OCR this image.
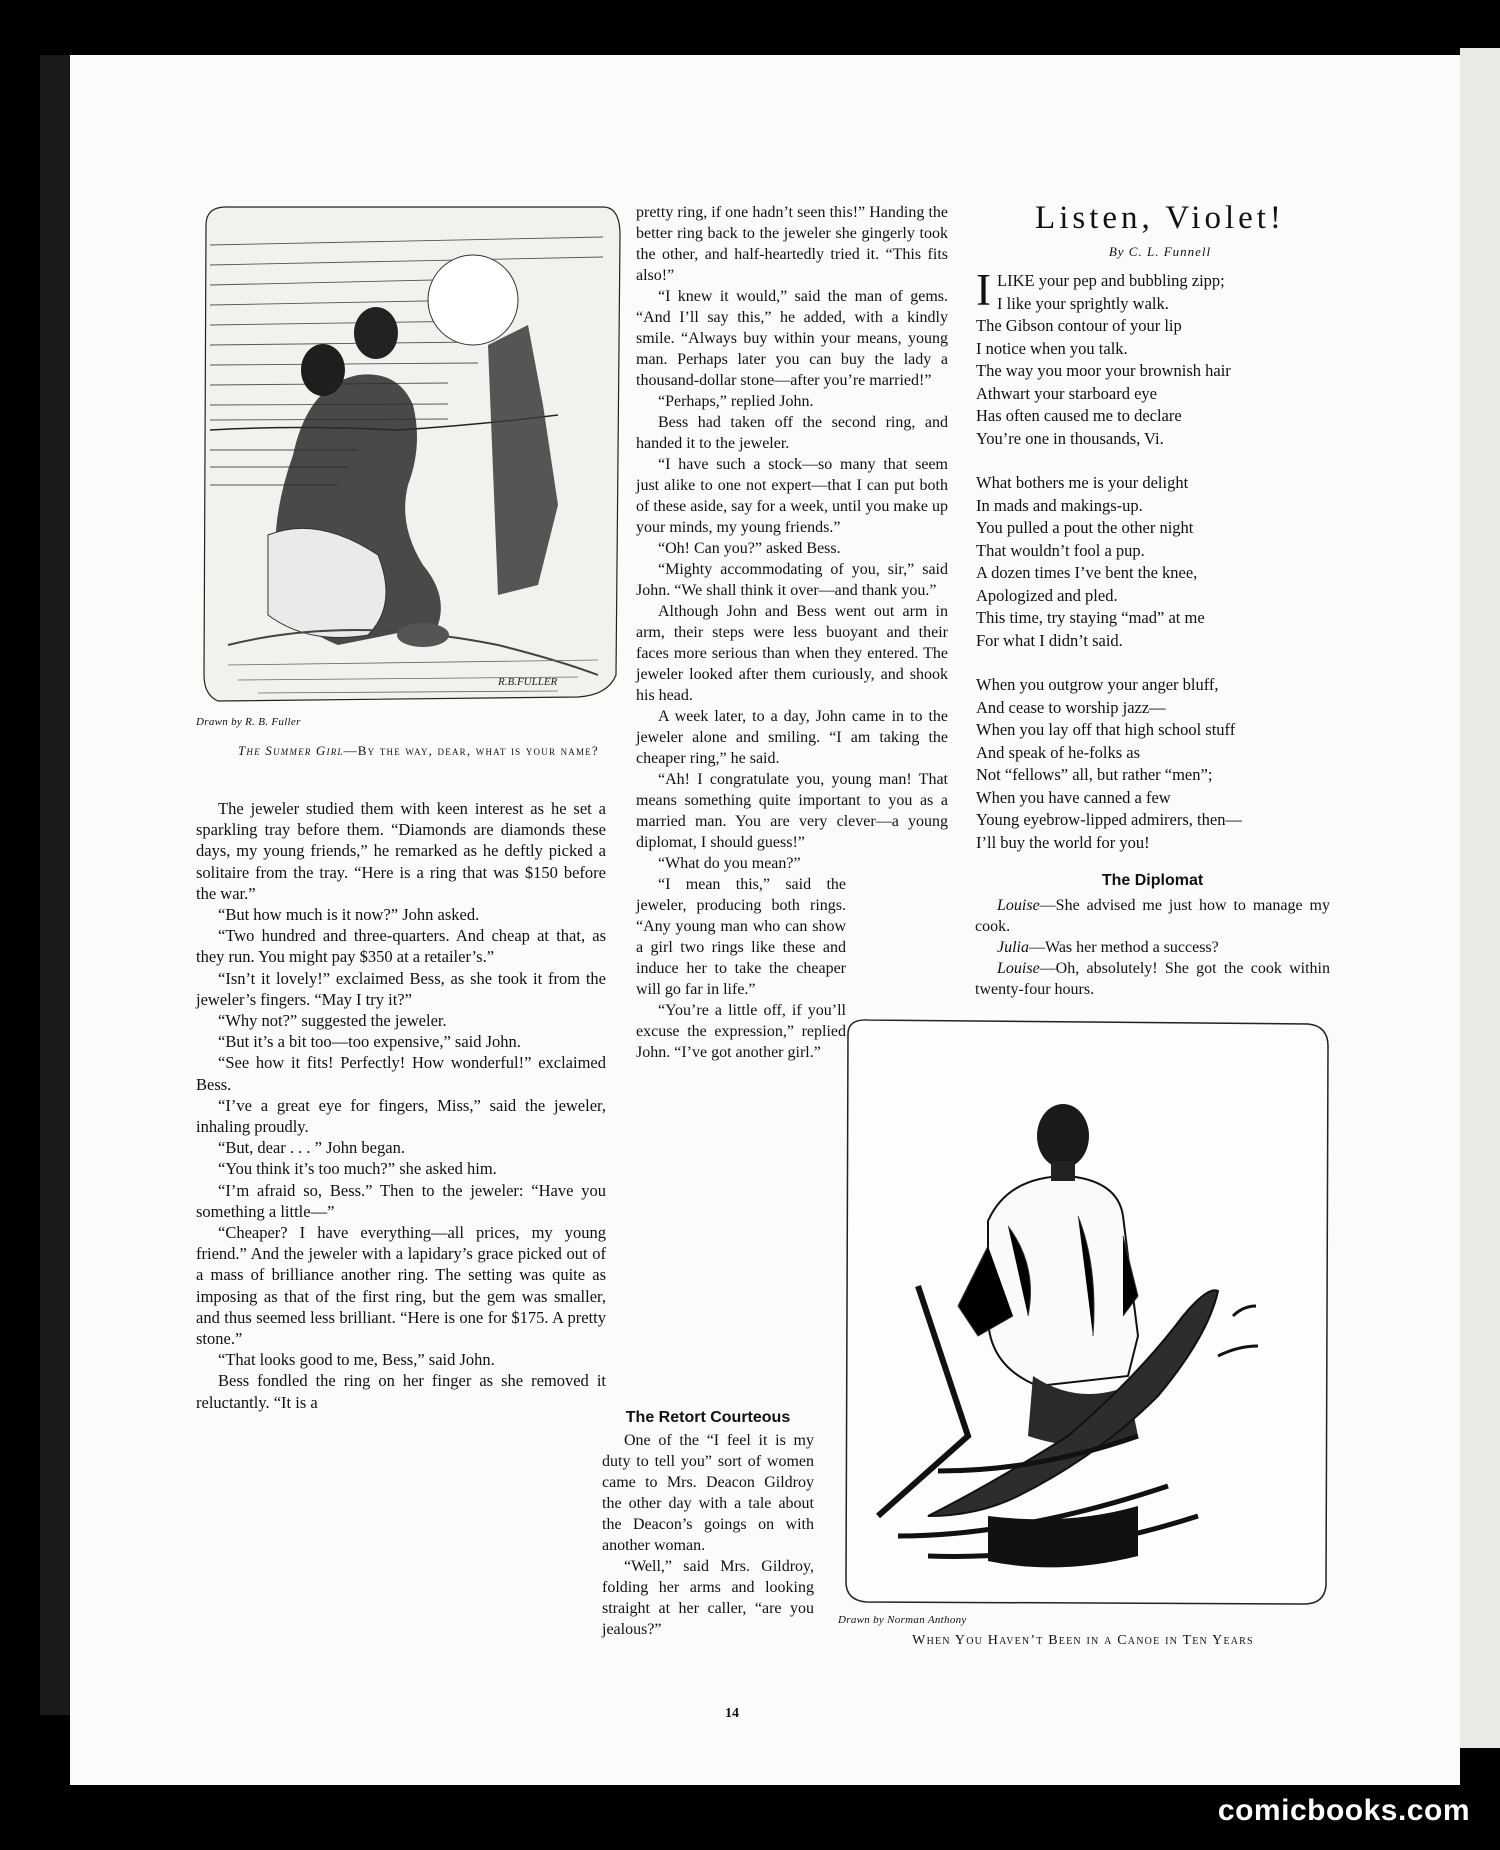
R.B.FULLER
Drawn by R. B. Fuller
The Summer Girl—By the way, dear, what is your name?

The jeweler studied them with keen interest as he set a sparkling tray before them. “Diamonds are diamonds these days, my young friends,” he remarked as he deftly picked a solitaire from the tray. “Here is a ring that was $150 before the war.”

“But how much is it now?” John asked.

“Two hundred and three-quarters. And cheap at that, as they run. You might pay $350 at a retailer’s.”

“Isn’t it lovely!” exclaimed Bess, as she took it from the jeweler’s fingers. “May I try it?”

“Why not?” suggested the jeweler.

“But it’s a bit too—too expensive,” said John.

“See how it fits! Perfectly! How wonderful!” exclaimed Bess.

“I’ve a great eye for fingers, Miss,” said the jeweler, inhaling proudly.

“But, dear . . . ” John began.

“You think it’s too much?” she asked him.

“I’m afraid so, Bess.” Then to the jeweler: “Have you something a little—”

“Cheaper? I have everything—all prices, my young friend.” And the jeweler with a lapidary’s grace picked out of a mass of brilliance another ring. The setting was quite as imposing as that of the first ring, but the gem was smaller, and thus seemed less brilliant. “Here is one for $175. A pretty stone.”

“That looks good to me, Bess,” said John.

Bess fondled the ring on her finger as she removed it reluctantly. “It is a

pretty ring, if one hadn’t seen this!” Handing the better ring back to the jeweler she gingerly took the other, and half-heartedly tried it. “This fits also!”

“I knew it would,” said the man of gems. “And I’ll say this,” he added, with a kindly smile. “Always buy within your means, young man. Perhaps later you can buy the lady a thousand-dollar stone—after you’re married!”

“Perhaps,” replied John.

Bess had taken off the second ring, and handed it to the jeweler.

“I have such a stock—so many that seem just alike to one not expert—that I can put both of these aside, say for a week, until you make up your minds, my young friends.”

“Oh! Can you?” asked Bess.

“Mighty accommodating of you, sir,” said John. “We shall think it over—and thank you.”

Although John and Bess went out arm in arm, their steps were less buoyant and their faces more serious than when they entered. The jeweler looked after them curiously, and shook his head.

A week later, to a day, John came in to the jeweler alone and smiling. “I am taking the cheaper ring,” he said.

“Ah! I congratulate you, young man! That means something quite important to you as a married man. You are very clever—a young diplomat, I should guess!”

“What do you mean?”

“I mean this,” said the jeweler, producing both rings. “Any young man who can show a girl two rings like these and induce her to take the cheaper will go far in life.”

“You’re a little off, if you’ll excuse the expression,” replied John. “I’ve got another girl.”

The Retort Courteous

One of the “I feel it is my duty to tell you” sort of women came to Mrs. Deacon Gildroy the other day with a tale about the Deacon’s goings on with another woman.

“Well,” said Mrs. Gildroy, folding her arms and looking straight at her caller, “are you jealous?”

Listen, Violet!
By C. L. Funnell
I LIKE your pep and bubbling zipp;
I like your sprightly walk.
The Gibson contour of your lip
I notice when you talk.
The way you moor your brownish hair
Athwart your starboard eye
Has often caused me to declare
You’re one in thousands, Vi.
What bothers me is your delight
In mads and makings-up.
You pulled a pout the other night
That wouldn’t fool a pup.
A dozen times I’ve bent the knee,
Apologized and pled.
This time, try staying “mad” at me
For what I didn’t said.
When you outgrow your anger bluff,
And cease to worship jazz—
When you lay off that high school stuff
And speak of he-folks as
Not “fellows” all, but rather “men”;
When you have canned a few
Young eyebrow-lipped admirers, then—
I’ll buy the world for you!
The Diplomat

Louise—She advised me just how to manage my cook.

Julia—Was her method a success?

Louise—Oh, absolutely! She got the cook within twenty-four hours.

Drawn by Norman Anthony
When You Haven’t Been in a Canoe in Ten Years
14
comicbooks.com
